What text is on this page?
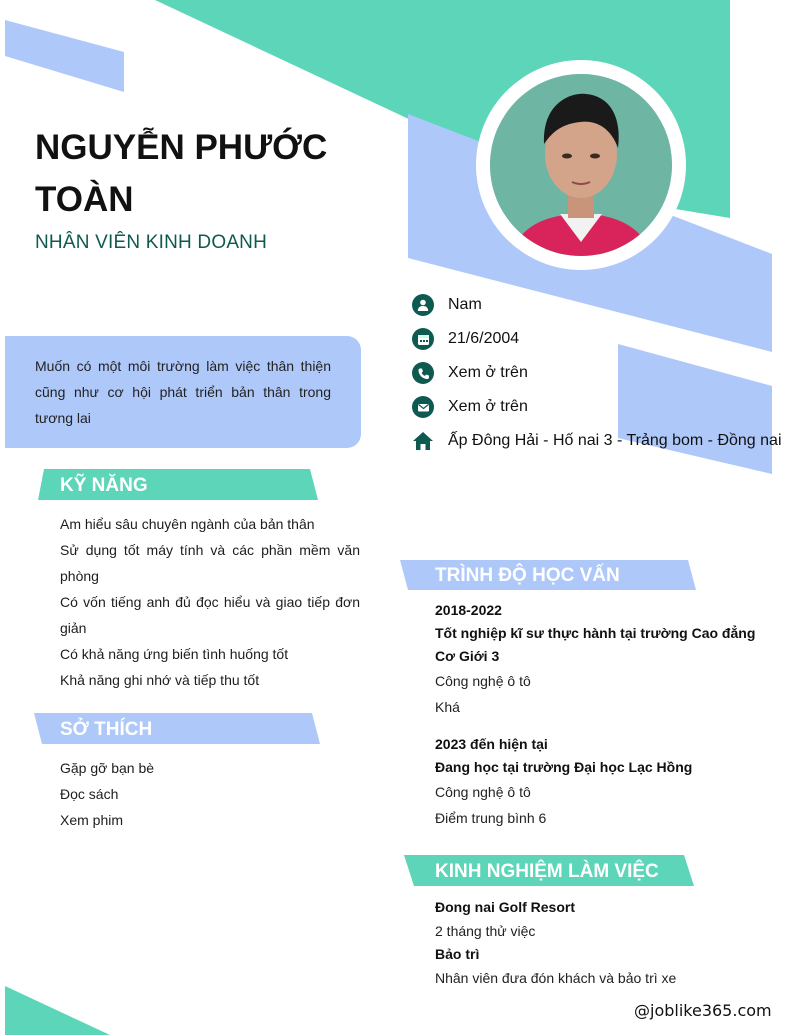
NGUYỄN PHƯỚC
TOÀN
NHÂN VIÊN KINH DOANH
Nam
21/6/2004
Xem ở trên
Xem ở trên
Ấp Đông Hải - Hố nai 3 - Trảng bom - Đồng nai
Muốn có một môi trường làm việc thân thiện cũng như cơ hội phát triển bản thân trong tương lai
KỸ NĂNG
Am hiểu sâu chuyên ngành của bản thân
Sử dụng tốt máy tính và các phần mềm văn phòng
Có vốn tiếng anh đủ đọc hiểu và giao tiếp đơn giản
Có khả năng ứng biến tình huống tốt
Khả năng ghi nhớ và tiếp thu tốt
SỞ THÍCH
Gặp gỡ bạn bè
Đọc sách
Xem phim
TRÌNH ĐỘ HỌC VẤN
2018-2022
Tốt nghiệp kĩ sư thực hành tại trường Cao đẳng Cơ Giới 3
Công nghệ ô tô
Khá
2023 đến hiện tại
Đang học tại trường Đại học Lạc Hồng
Công nghệ ô tô
Điểm trung bình 6
KINH NGHIỆM LÀM VIỆC
Đong nai Golf Resort
2 tháng thử việc
Bảo trì
Nhân viên đưa đón khách và bảo trì xe
@joblike365.com
